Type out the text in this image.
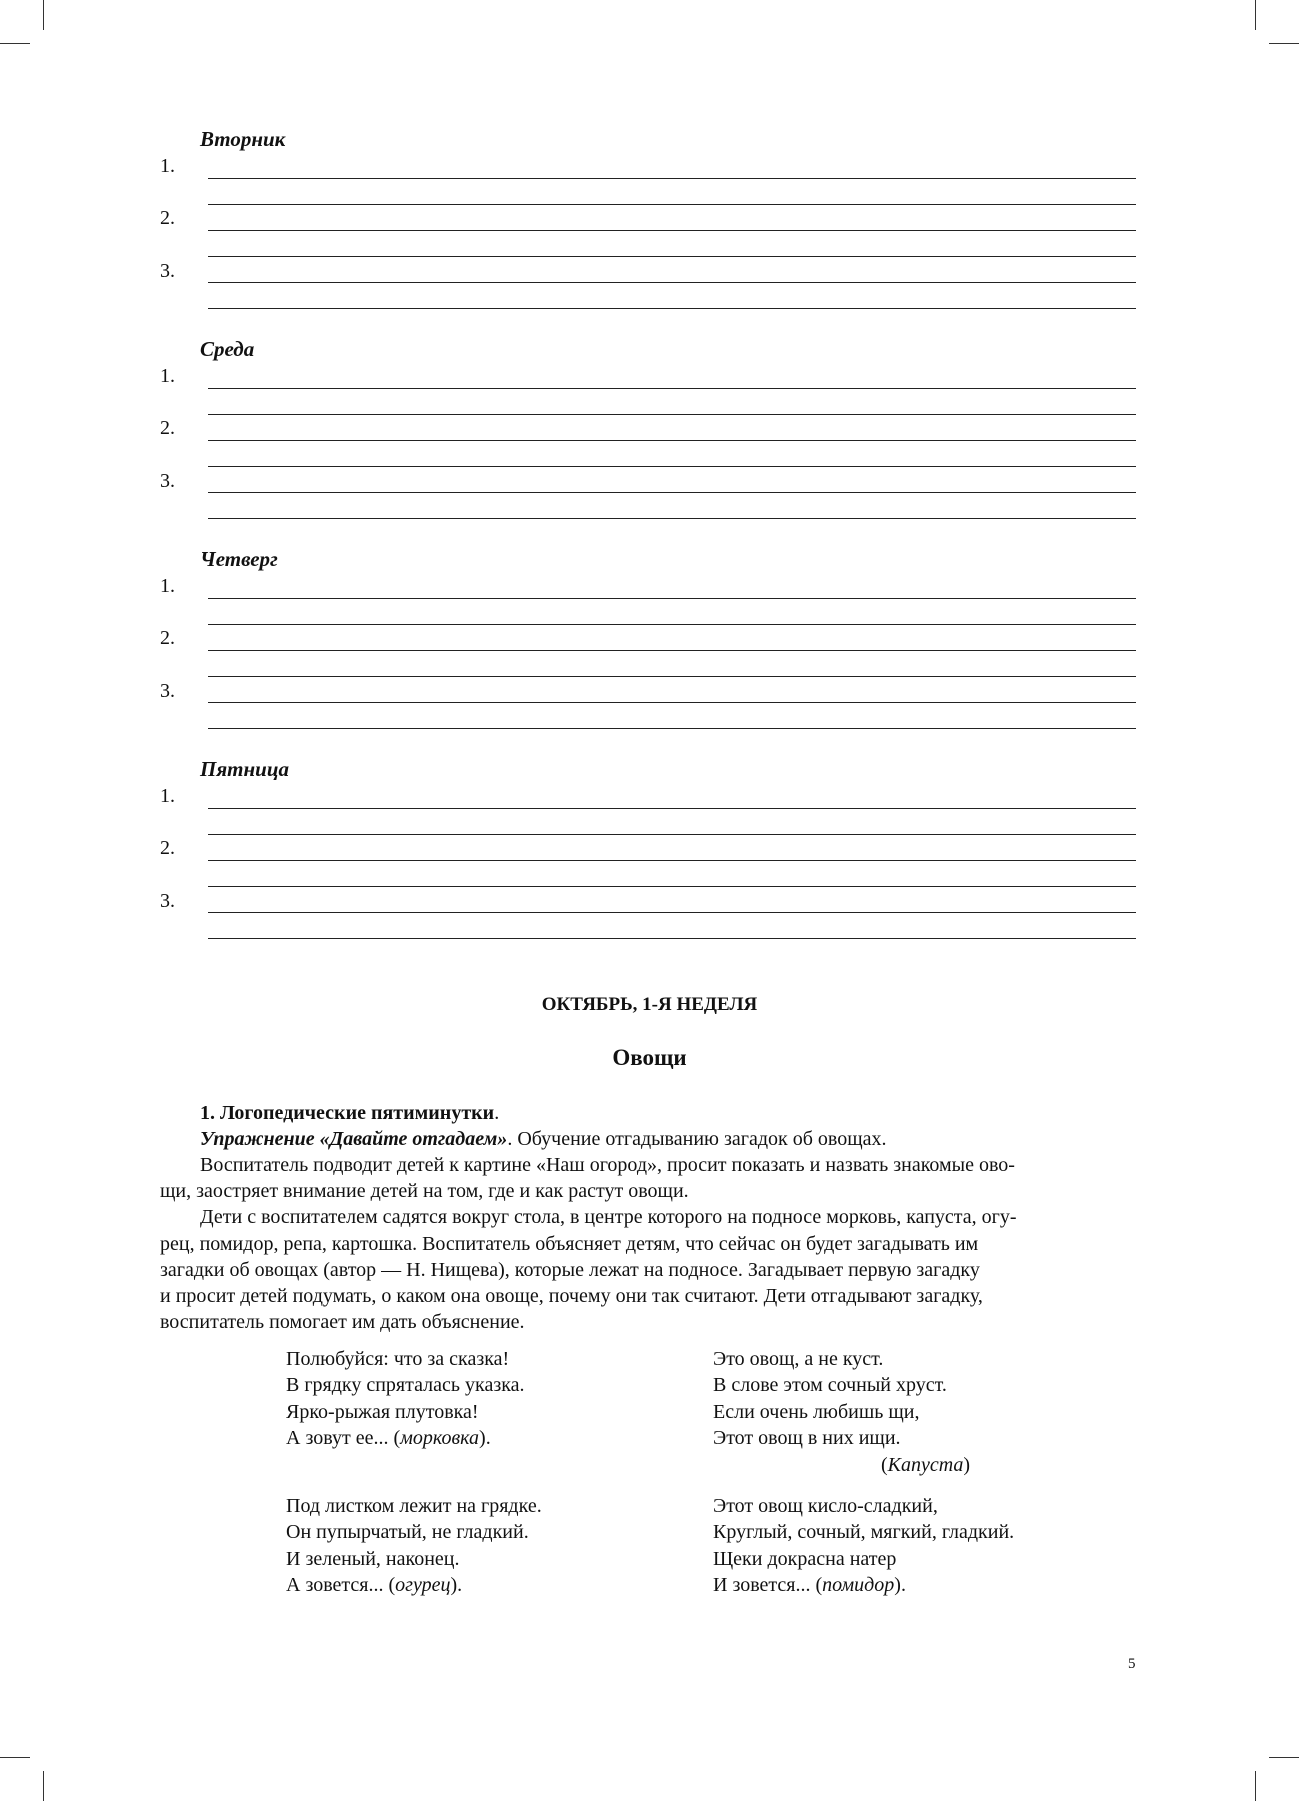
Вторник
1.
2.
3.
Среда
1.
2.
3.
Четверг
1.
2.
3.
Пятница
1.
2.
3.
ОКТЯБРЬ, 1-Я НЕДЕЛЯ
Овощи
1. Логопедические пятиминутки.
Упражнение «Давайте отгадаем». Обучение отгадыванию загадок об овощах.
Воспитатель подводит детей к картине «Наш огород», просит показать и назвать знакомые ово-
щи, заостряет внимание детей на том, где и как растут овощи.
Дети с воспитателем садятся вокруг стола, в центре которого на подносе морковь, капуста, огу-
рец, помидор, репа, картошка. Воспитатель объясняет детям, что сейчас он будет загадывать им
загадки об овощах (автор — Н. Нищева), которые лежат на подносе. Загадывает первую загадку
и просит детей подумать, о каком она овоще, почему они так считают. Дети отгадывают загадку,
воспитатель помогает им дать объяснение.
Полюбуйся: что за сказка!
В грядку спряталась указка.
Ярко-рыжая плутовка!
А зовут ее... (морковка).
Это овощ, а не куст.
В слове этом сочный хруст.
Если очень любишь щи,
Этот овощ в них ищи.
(Капуста)
Под листком лежит на грядке.
Он пупырчатый, не гладкий.
И зеленый, наконец.
А зовется... (огурец).
Этот овощ кисло-сладкий,
Круглый, сочный, мягкий, гладкий.
Щеки докрасна натер
И зовется... (помидор).
5
